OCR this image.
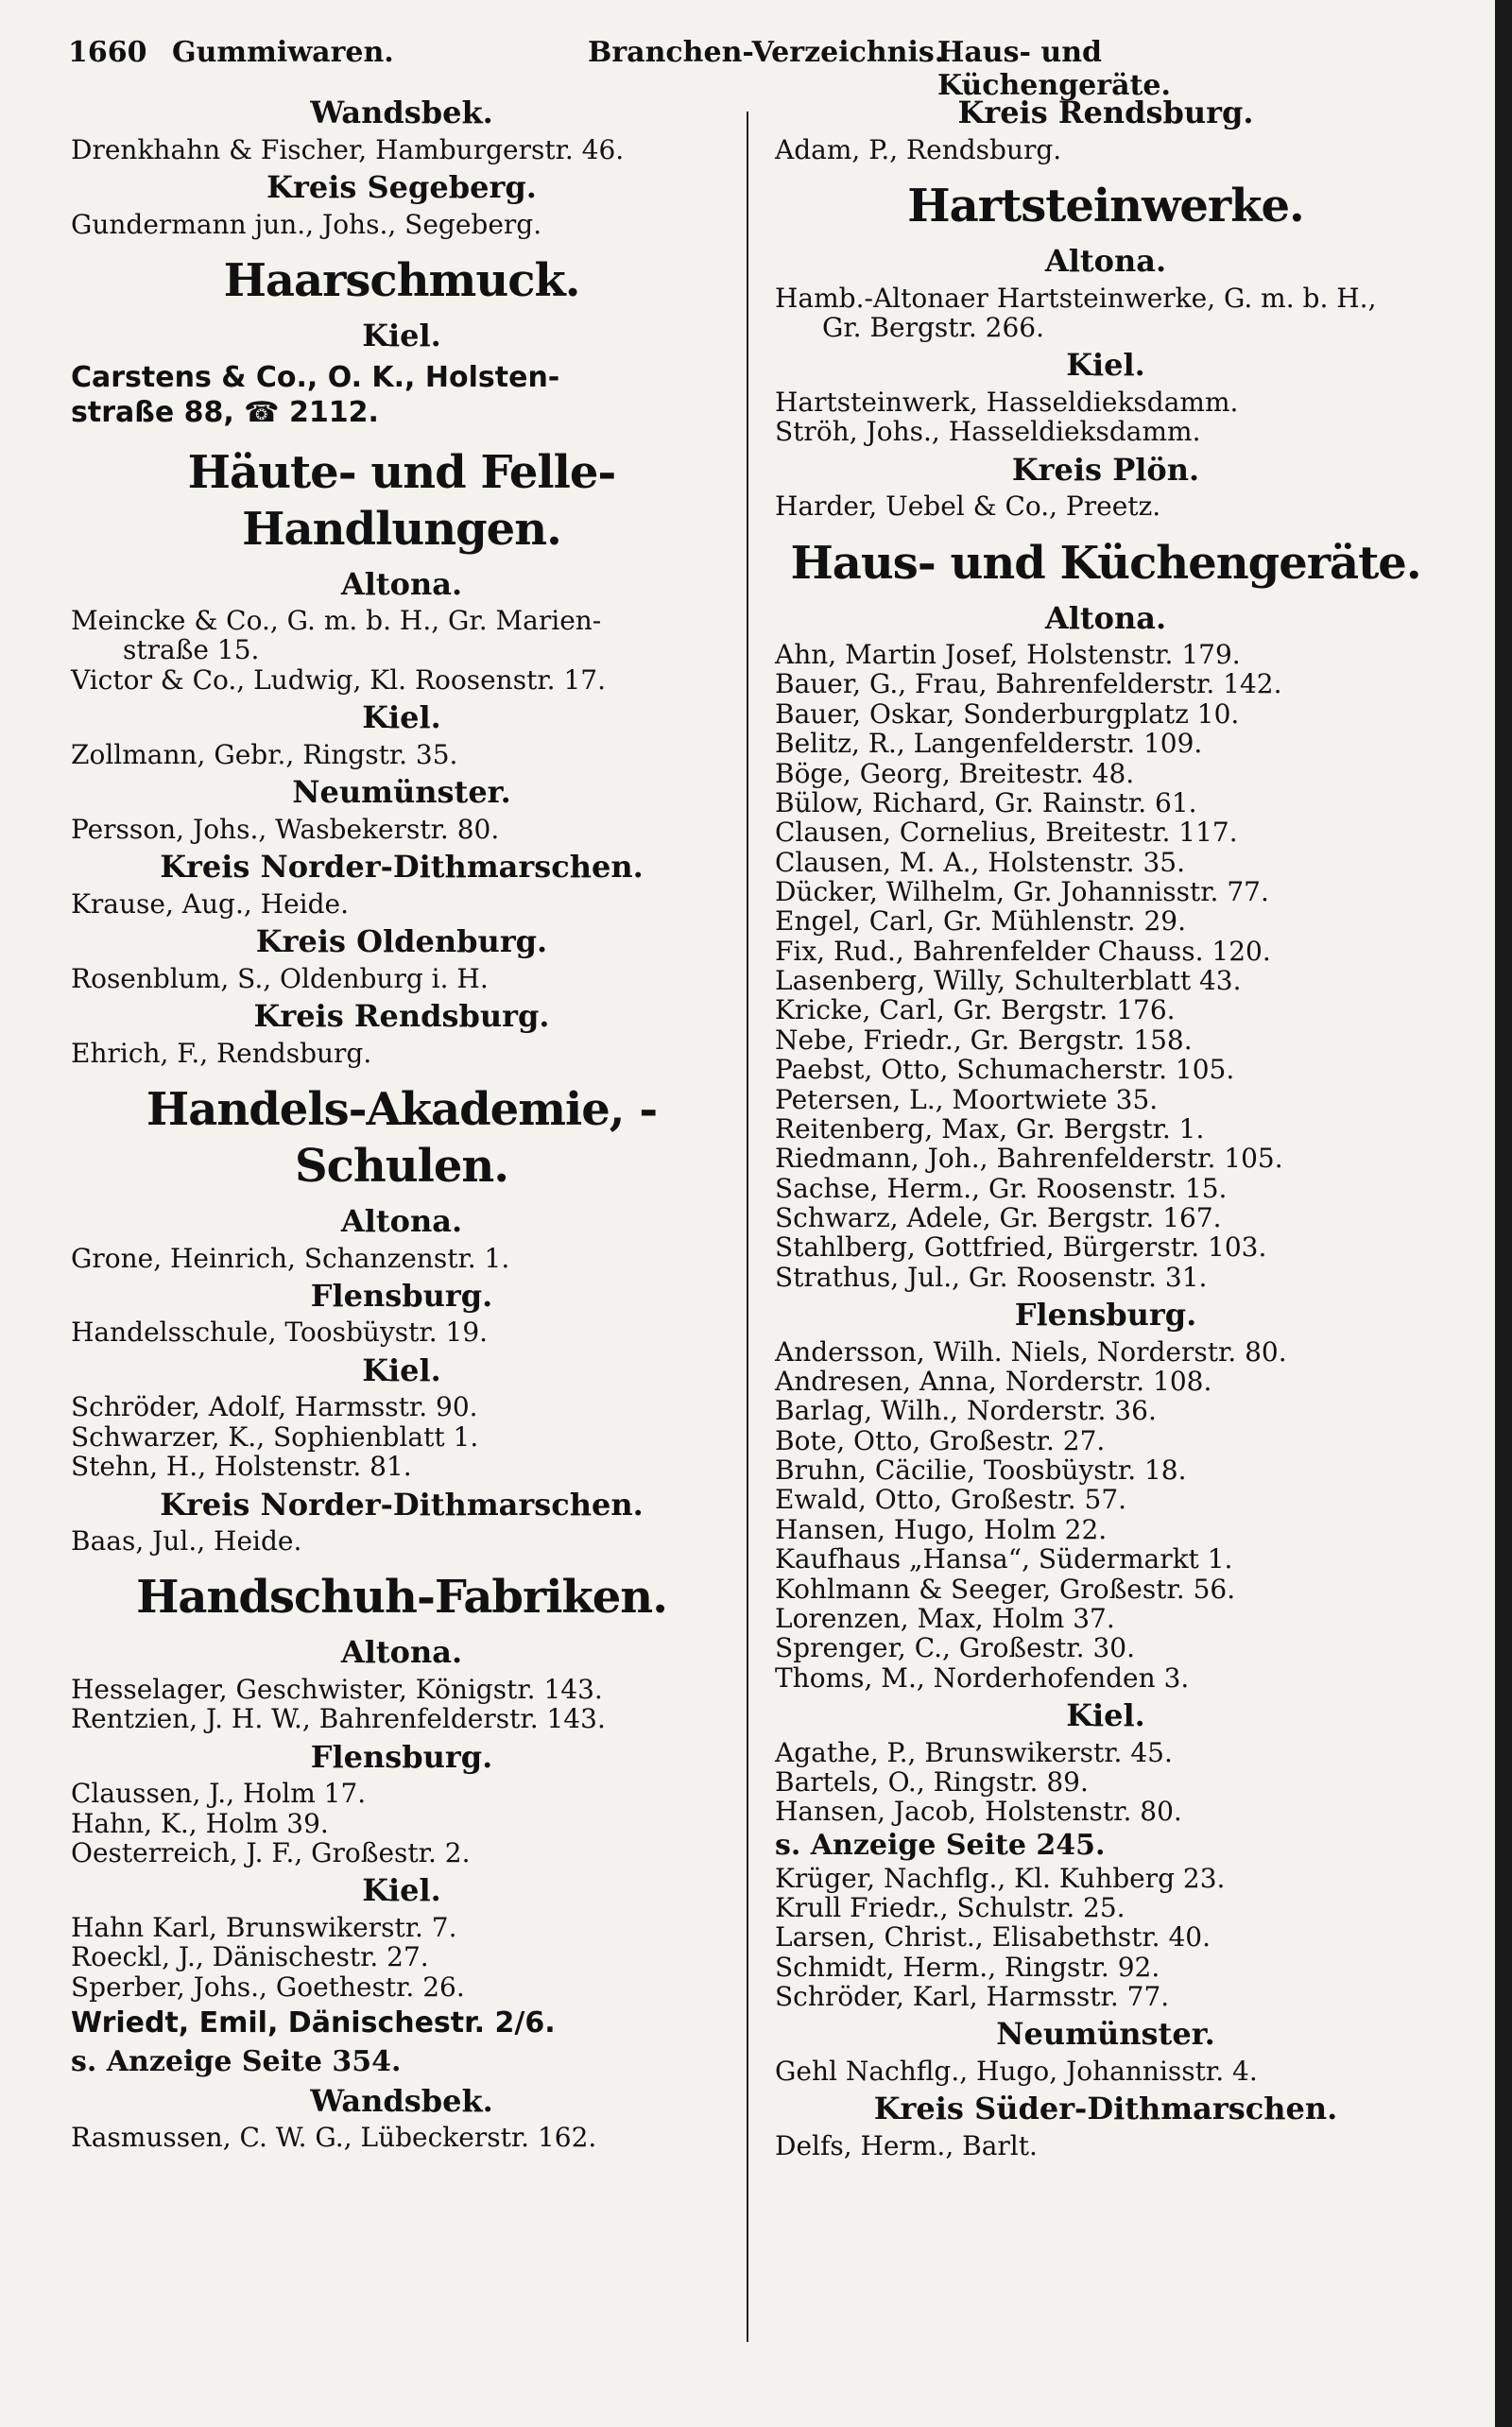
1660 Gummiwaren.	Branchen-Verzeichnis.
Haus- und Küchengeräte.
Wandsbek.
Drenkhahn & Fischer, Hamburgerstr. 46.
Kreis Segeberg.
Gundermann jun., Johs., Segeberg.
Haarschmuck.
Kiel.
Carstens & Co., O. K., Holsten-
straße 88, ☎ 2112.
Häute- und Felle-Handlungen.
Altona.
Meincke & Co., G. m. b. H., Gr. Marien-
straße 15.
Victor & Co., Ludwig, Kl. Roosenstr. 17.
Kiel.
Zollmann, Gebr., Ringstr. 35.
Neumünster.
Persson, Johs., Wasbekerstr. 80.
Kreis Norder-Dithmarschen.
Krause, Aug., Heide.
Kreis Oldenburg.
Rosenblum, S., Oldenburg i. H.
Kreis Rendsburg.
Ehrich, F., Rendsburg.
Handels-Akademie, -Schulen.
Altona.
Grone, Heinrich, Schanzenstr. 1.
Flensburg.
Handelsschule, Toosbüystr. 19.
Kiel.
Schröder, Adolf, Harmsstr. 90.
Schwarzer, K., Sophienblatt 1.
Stehn, H., Holstenstr. 81.
Kreis Norder-Dithmarschen.
Baas, Jul., Heide.
Handschuh-Fabriken.
Altona.
Hesselager, Geschwister, Königstr. 143.
Rentzien, J. H. W., Bahrenfelderstr. 143.
Flensburg.
Claussen, J., Holm 17.
Hahn, K., Holm 39.
Oesterreich, J. F., Großestr. 2.
Kiel.
Hahn Karl, Brunswikerstr. 7.
Roeckl, J., Dänischestr. 27.
Sperber, Johs., Goethestr. 26.
Wriedt, Emil, Dänischestr. 2/6.
s. Anzeige Seite 354.
Wandsbek.
Rasmussen, C. W. G., Lübeckerstr. 162.
Kreis Rendsburg.
Adam, P., Rendsburg.
Hartsteinwerke.
Altona.
Hamb.-Altonaer Hartsteinwerke, G. m. b. H.,
Gr. Bergstr. 266.
Kiel.
Hartsteinwerk, Hasseldieksdamm.
Ströh, Johs., Hasseldieksdamm.
Kreis Plön.
Harder, Uebel & Co., Preetz.
Haus- und Küchengeräte.
Altona.
Ahn, Martin Josef, Holstenstr. 179.
Bauer, G., Frau, Bahrenfelderstr. 142.
Bauer, Oskar, Sonderburgplatz 10.
Belitz, R., Langenfelderstr. 109.
Böge, Georg, Breitestr. 48.
Bülow, Richard, Gr. Rainstr. 61.
Clausen, Cornelius, Breitestr. 117.
Clausen, M. A., Holstenstr. 35.
Dücker, Wilhelm, Gr. Johannisstr. 77.
Engel, Carl, Gr. Mühlenstr. 29.
Fix, Rud., Bahrenfelder Chauss. 120.
Lasenberg, Willy, Schulterblatt 43.
Kricke, Carl, Gr. Bergstr. 176.
Nebe, Friedr., Gr. Bergstr. 158.
Paebst, Otto, Schumacherstr. 105.
Petersen, L., Moortwiete 35.
Reitenberg, Max, Gr. Bergstr. 1.
Riedmann, Joh., Bahrenfelderstr. 105.
Sachse, Herm., Gr. Roosenstr. 15.
Schwarz, Adele, Gr. Bergstr. 167.
Stahlberg, Gottfried, Bürgerstr. 103.
Strathus, Jul., Gr. Roosenstr. 31.
Flensburg.
Andersson, Wilh. Niels, Norderstr. 80.
Andresen, Anna, Norderstr. 108.
Barlag, Wilh., Norderstr. 36.
Bote, Otto, Großestr. 27.
Bruhn, Cäcilie, Toosbüystr. 18.
Ewald, Otto, Großestr. 57.
Hansen, Hugo, Holm 22.
Kaufhaus „Hansa“, Südermarkt 1.
Kohlmann & Seeger, Großestr. 56.
Lorenzen, Max, Holm 37.
Sprenger, C., Großestr. 30.
Thoms, M., Norderhofenden 3.
Kiel.
Agathe, P., Brunswikerstr. 45.
Bartels, O., Ringstr. 89.
Hansen, Jacob, Holstenstr. 80.
s. Anzeige Seite 245.
Krüger, Nachflg., Kl. Kuhberg 23.
Krull Friedr., Schulstr. 25.
Larsen, Christ., Elisabethstr. 40.
Schmidt, Herm., Ringstr. 92.
Schröder, Karl, Harmsstr. 77.
Neumünster.
Gehl Nachflg., Hugo, Johannisstr. 4.
Kreis Süder-Dithmarschen.
Delfs, Herm., Barlt.
